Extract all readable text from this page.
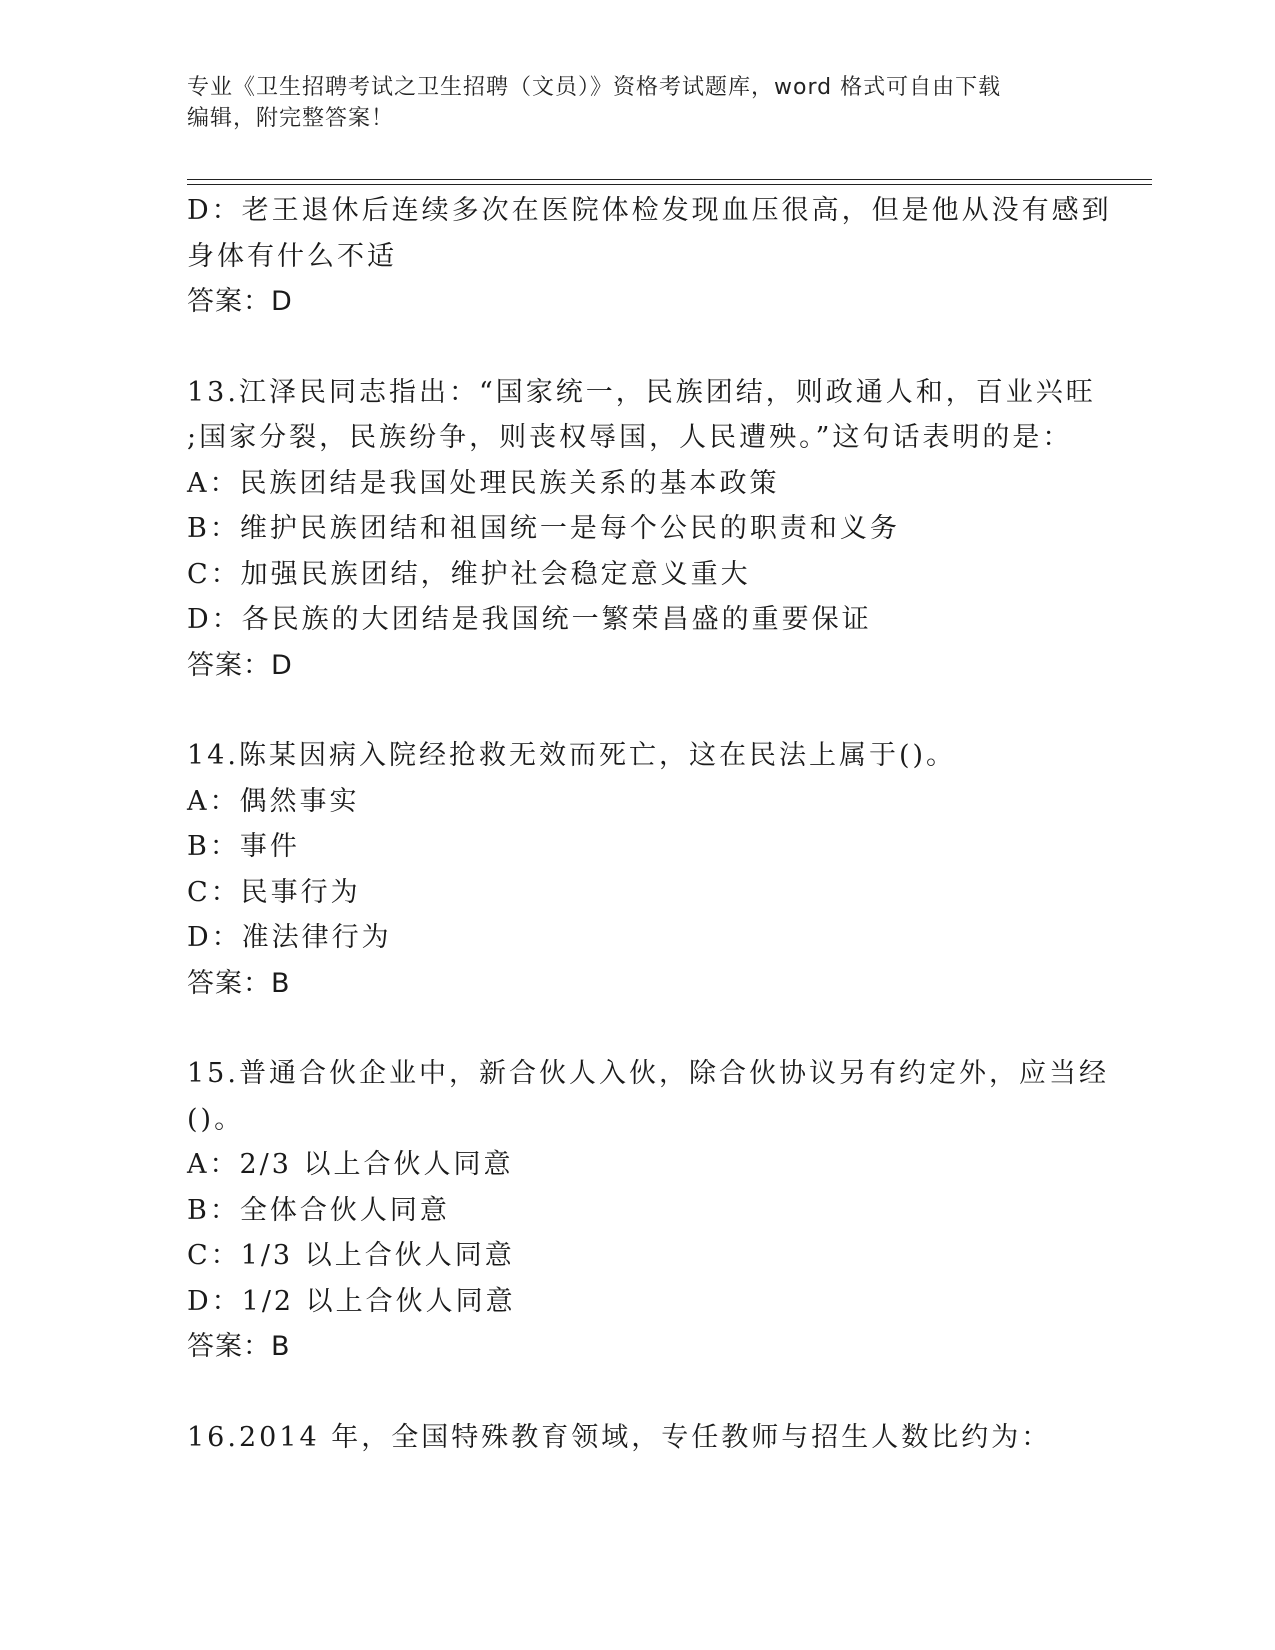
专业《卫生招聘考试之卫生招聘（文员）》资格考试题库，word 格式可自由下载
编辑，附完整答案！
D：老王退休后连续多次在医院体检发现血压很高，但是他从没有感到
身体有什么不适
答案：D
13.江泽民同志指出：“国家统一，民族团结，则政通人和，百业兴旺
;国家分裂，民族纷争，则丧权辱国，人民遭殃。”这句话表明的是：
A：民族团结是我国处理民族关系的基本政策
B：维护民族团结和祖国统一是每个公民的职责和义务
C：加强民族团结，维护社会稳定意义重大
D：各民族的大团结是我国统一繁荣昌盛的重要保证
答案：D
14.陈某因病入院经抢救无效而死亡，这在民法上属于()。
A：偶然事实
B：事件
C：民事行为
D：准法律行为
答案：B
15.普通合伙企业中，新合伙人入伙，除合伙协议另有约定外，应当经
()。
A：2/3 以上合伙人同意
B：全体合伙人同意
C：1/3 以上合伙人同意
D：1/2 以上合伙人同意
答案：B
16.2014 年，全国特殊教育领域，专任教师与招生人数比约为：
